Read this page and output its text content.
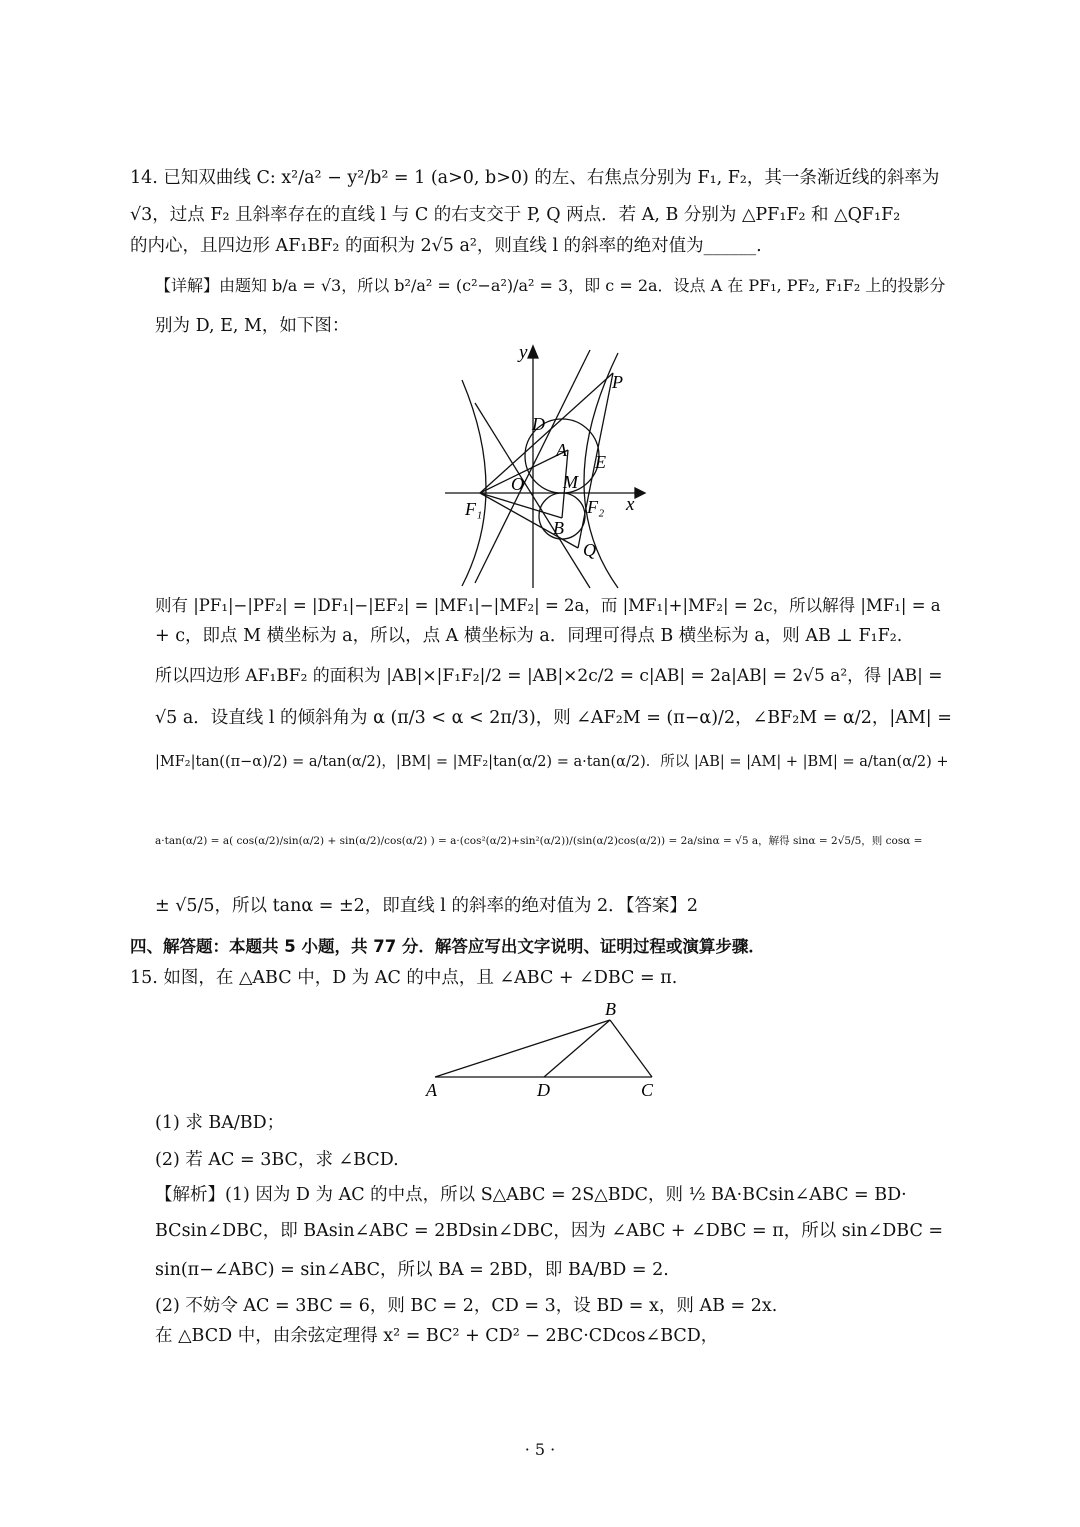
14. 已知双曲线 C: x²/a² − y²/b² = 1 (a>0, b>0) 的左、右焦点分别为 F₁, F₂，其一条渐近线的斜率为
√3，过点 F₂ 且斜率存在的直线 l 与 C 的右支交于 P, Q 两点．若 A, B 分别为 △PF₁F₂ 和 △QF₁F₂
的内心，且四边形 AF₁BF₂ 的面积为 2√5 a²，则直线 l 的斜率的绝对值为______.
【详解】由题知 b/a = √3，所以 b²/a² = (c²−a²)/a² = 3，即 c = 2a．设点 A 在 PF₁, PF₂, F₁F₂ 上的投影分
别为 D, E, M，如下图：
y
P
D
A
E
O M
F₁	F₂ x
B
Q
则有 |PF₁|−|PF₂| = |DF₁|−|EF₂| = |MF₁|−|MF₂| = 2a，而 |MF₁|+|MF₂| = 2c，所以解得 |MF₁| = a
+ c，即点 M 横坐标为 a，所以，点 A 横坐标为 a．同理可得点 B 横坐标为 a，则 AB ⊥ F₁F₂.
所以四边形 AF₁BF₂ 的面积为 |AB|×|F₁F₂|/2 = |AB|×2c/2 = c|AB| = 2a|AB| = 2√5 a²，得 |AB| =
√5 a．设直线 l 的倾斜角为 α (π/3 < α < 2π/3)，则 ∠AF₂M = (π−α)/2，∠BF₂M = α/2，|AM| =
|MF₂|tan((π−α)/2) = a/tan(α/2)，|BM| = |MF₂|tan(α/2) = a·tan(α/2)．所以 |AB| = |AM| + |BM| = a/tan(α/2) +
a·tan(α/2) = a( cos(α/2)/sin(α/2) + sin(α/2)/cos(α/2) ) = a·(cos²(α/2)+sin²(α/2))/(sin(α/2)cos(α/2)) = 2a/sinα = √5 a，解得 sinα = 2√5/5，则 cosα =
± √5/5，所以 tanα = ±2，即直线 l 的斜率的绝对值为 2．【答案】2
四、解答题：本题共 5 小题，共 77 分．解答应写出文字说明、证明过程或演算步骤．
15. 如图，在 △ABC 中，D 为 AC 的中点，且 ∠ABC + ∠DBC = π.
B
A	D	C
(1) 求 BA/BD；
(2) 若 AC = 3BC，求 ∠BCD.
【解析】(1) 因为 D 为 AC 的中点，所以 S△ABC = 2S△BDC，则 ½ BA·BCsin∠ABC = BD·
BCsin∠DBC，即 BAsin∠ABC = 2BDsin∠DBC，因为 ∠ABC + ∠DBC = π，所以 sin∠DBC =
sin(π−∠ABC) = sin∠ABC，所以 BA = 2BD，即 BA/BD = 2.
(2) 不妨令 AC = 3BC = 6，则 BC = 2，CD = 3，设 BD = x，则 AB = 2x.
在 △BCD 中，由余弦定理得 x² = BC² + CD² − 2BC·CDcos∠BCD，
· 5 ·
